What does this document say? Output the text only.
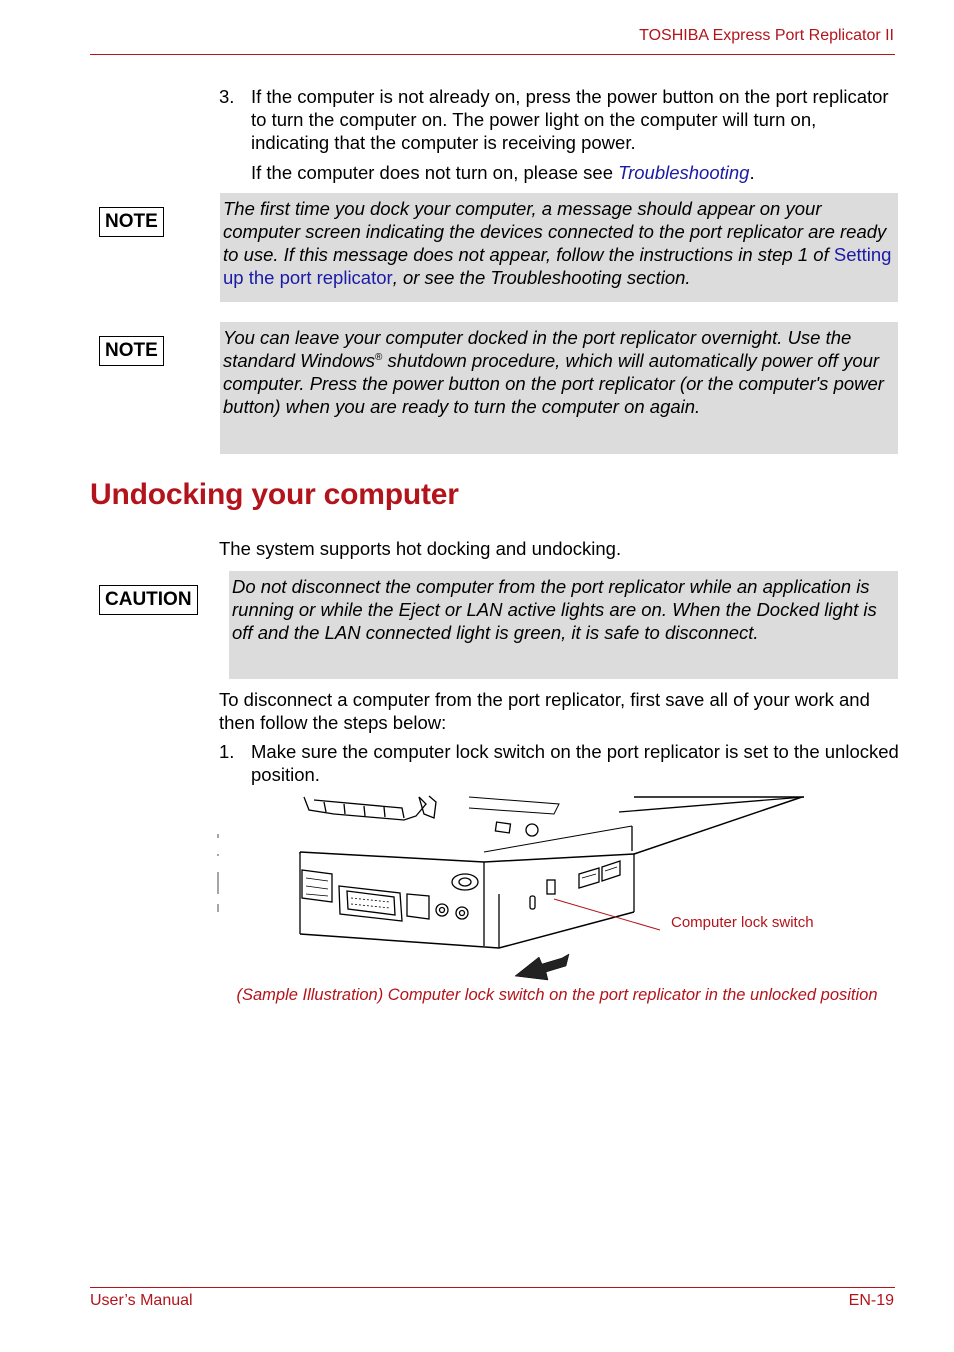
TOSHIBA Express Port Replicator II
3. If the computer is not already on, press the power button on the port replicator to turn the computer on. The power light on the computer will turn on, indicating that the computer is receiving power.
If the computer does not turn on, please see Troubleshooting.
NOTE
The first time you dock your computer, a message should appear on your computer screen indicating the devices connected to the port replicator are ready to use. If this message does not appear, follow the instructions in step 1 of Setting up the port replicator, or see the Troubleshooting section.
NOTE
You can leave your computer docked in the port replicator overnight. Use the standard Windows® shutdown procedure, which will automatically power off your computer. Press the power button on the port replicator (or the computer's power button) when you are ready to turn the computer on again.
Undocking your computer
The system supports hot docking and undocking.
CAUTION
Do not disconnect the computer from the port replicator while an application is running or while the Eject or LAN active lights are on. When the Docked light is off and the LAN connected light is green, it is safe to disconnect.
To disconnect a computer from the port replicator, first save all of your work and then follow the steps below:
1. Make sure the computer lock switch on the port replicator is set to the unlocked position.
Computer lock switch
(Sample Illustration) Computer lock switch on the port replicator in the unlocked position
User’s Manual	EN-19
